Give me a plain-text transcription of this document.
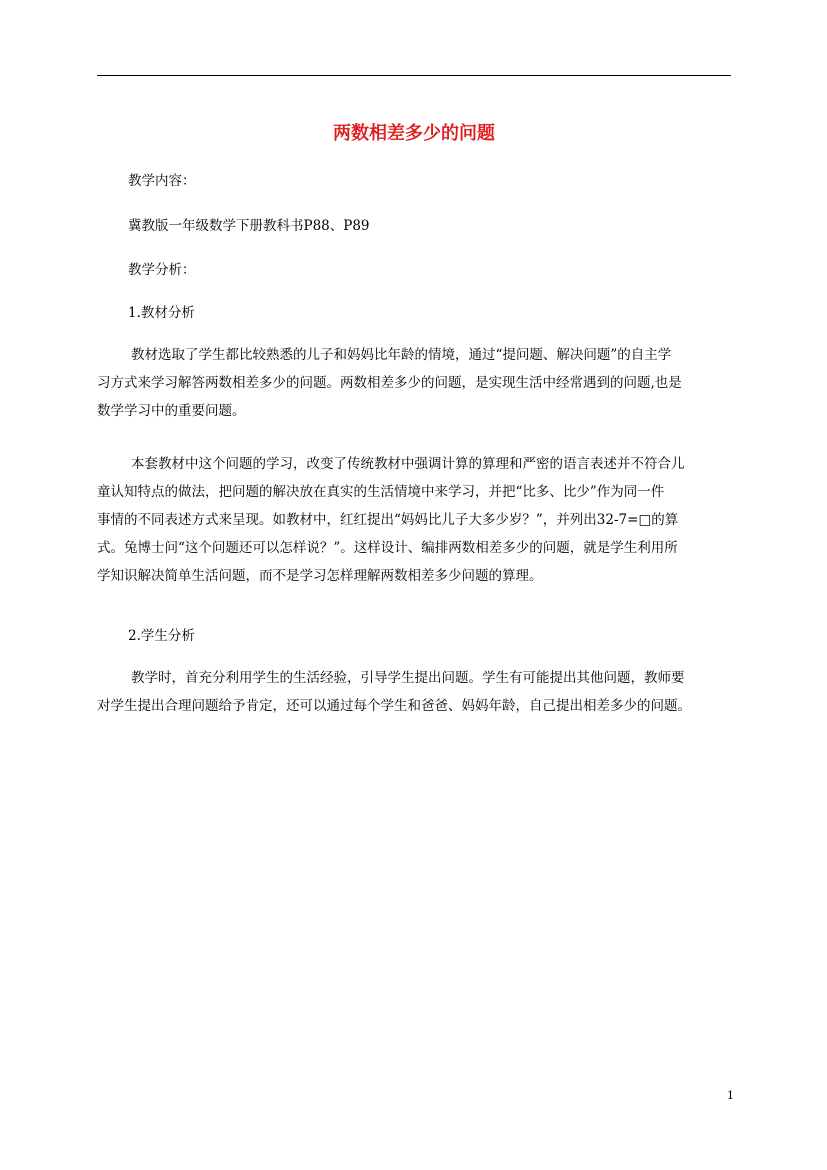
两数相差多少的问题
教学内容：
冀教版一年级数学下册教科书P88、P89
教学分析：
1.教材分析
教材选取了学生都比较熟悉的儿子和妈妈比年龄的情境，通过“提问题、解决问题”的自主学
习方式来学习解答两数相差多少的问题。两数相差多少的问题，是实现生活中经常遇到的问题,也是
数学学习中的重要问题。
本套教材中这个问题的学习，改变了传统教材中强调计算的算理和严密的语言表述并不符合儿
童认知特点的做法，把问题的解决放在真实的生活情境中来学习，并把“比多、比少”作为同一件
事情的不同表述方式来呈现。如教材中，红红提出“妈妈比儿子大多少岁？”，并列出32-7=□的算
式。兔博士问“这个问题还可以怎样说？”。这样设计、编排两数相差多少的问题，就是学生利用所
学知识解决简单生活问题，而不是学习怎样理解两数相差多少问题的算理。
2.学生分析
教学时，首充分利用学生的生活经验，引导学生提出问题。学生有可能提出其他问题，教师要
对学生提出合理问题给予肯定，还可以通过每个学生和爸爸、妈妈年龄，自己提出相差多少的问题。
1
